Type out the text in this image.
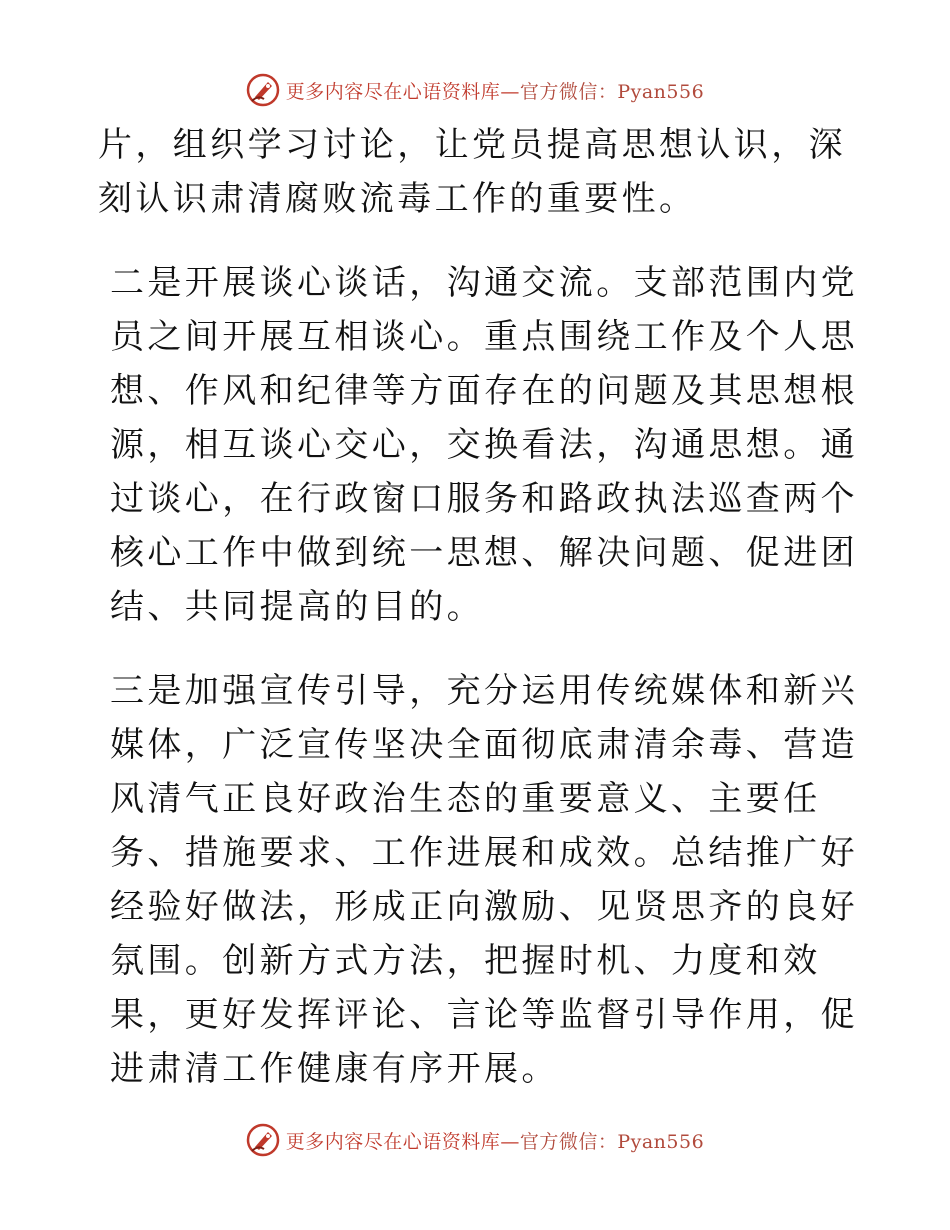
更多内容尽在心语资料库—官方微信：Pyan556

片，组织学习讨论，让党员提高思想认识，深刻认识肃清腐败流毒工作的重要性。

二是开展谈心谈话，沟通交流。支部范围内党员之间开展互相谈心。重点围绕工作及个人思想、作风和纪律等方面存在的问题及其思想根源，相互谈心交心，交换看法，沟通思想。通过谈心，在行政窗口服务和路政执法巡查两个核心工作中做到统一思想、解决问题、促进团结、共同提高的目的。

三是加强宣传引导，充分运用传统媒体和新兴媒体，广泛宣传坚决全面彻底肃清余毒、营造风清气正良好政治生态的重要意义、主要任务、措施要求、工作进展和成效。总结推广好经验好做法，形成正向激励、见贤思齐的良好氛围。创新方式方法，把握时机、力度和效果，更好发挥评论、言论等监督引导作用，促进肃清工作健康有序开展。

更多内容尽在心语资料库—官方微信：Pyan556
